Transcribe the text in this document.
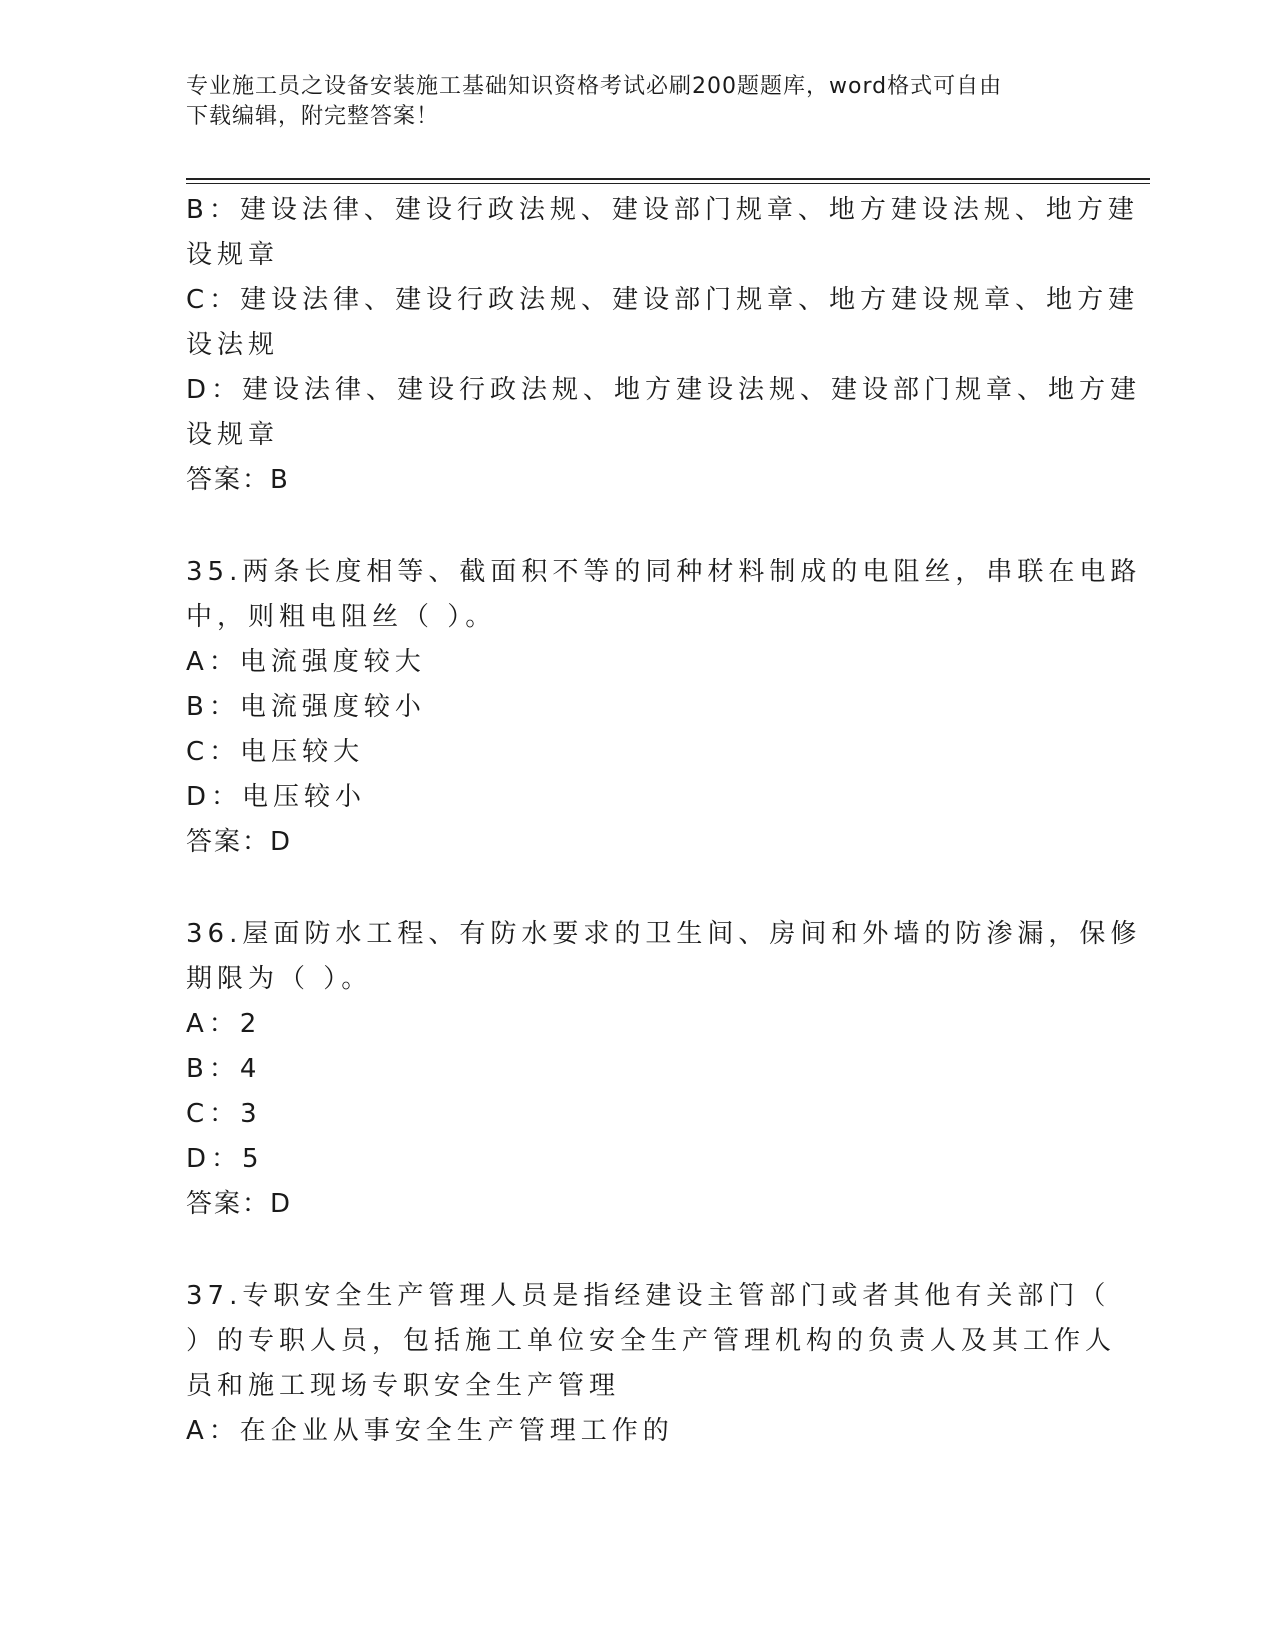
专业施工员之设备安装施工基础知识资格考试必刷200题题库，word格式可自由
下载编辑，附完整答案！
B：建设法律、建设行政法规、建设部门规章、地方建设法规、地方建
设规章
C：建设法律、建设行政法规、建设部门规章、地方建设规章、地方建
设法规
D：建设法律、建设行政法规、地方建设法规、建设部门规章、地方建
设规章
答案：B
35.两条长度相等、截面积不等的同种材料制成的电阻丝，串联在电路
中，则粗电阻丝（ ）。
A：电流强度较大
B：电流强度较小
C：电压较大
D：电压较小
答案：D
36.屋面防水工程、有防水要求的卫生间、房间和外墙的防渗漏，保修
期限为（ ）。
A：2
B：4
C：3
D：5
答案：D
37.专职安全生产管理人员是指经建设主管部门或者其他有关部门（
）的专职人员，包括施工单位安全生产管理机构的负责人及其工作人
员和施工现场专职安全生产管理
A：在企业从事安全生产管理工作的
